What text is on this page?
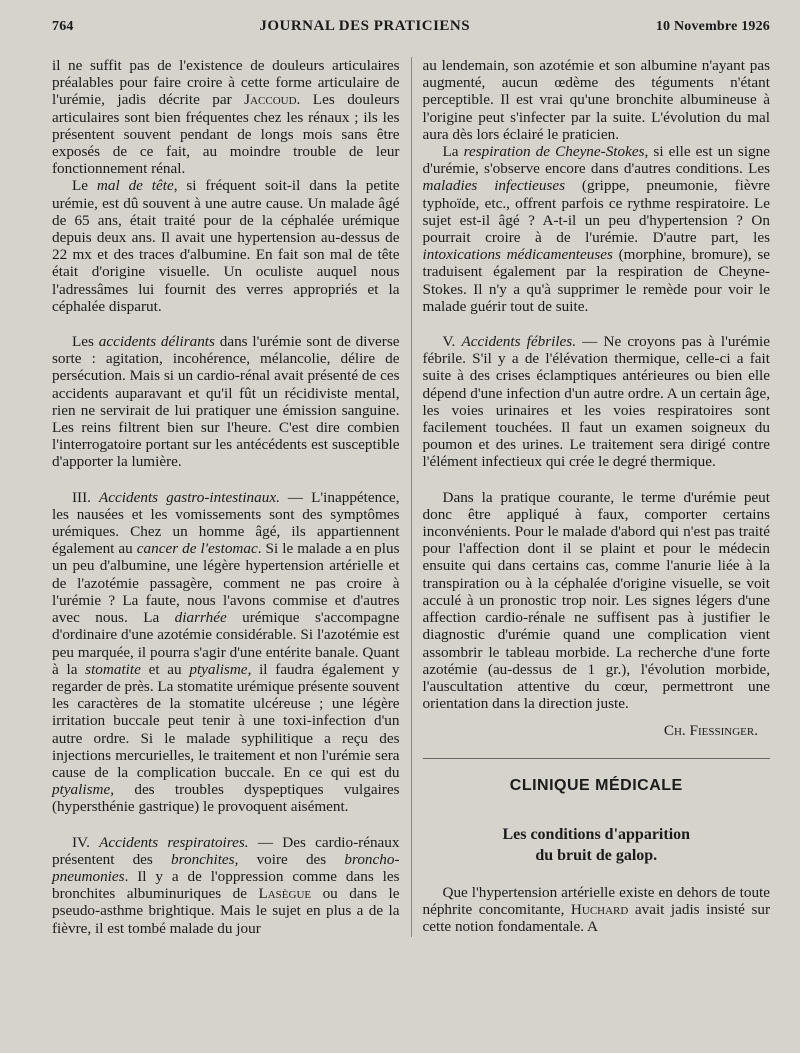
764	JOURNAL DES PRATICIENS	10 Novembre 1926

il ne suffit pas de l'existence de douleurs articulaires préalables pour faire croire à cette forme articulaire de l'urémie, jadis décrite par Jaccoud. Les douleurs articulaires sont bien fréquentes chez les rénaux ; ils les présentent souvent pendant de longs mois sans être exposés de ce fait, au moindre trouble de leur fonctionnement rénal.

Le mal de tête, si fréquent soit-il dans la petite urémie, est dû souvent à une autre cause. Un malade âgé de 65 ans, était traité pour de la céphalée urémique depuis deux ans. Il avait une hypertension au-dessus de 22 mx et des traces d'albumine. En fait son mal de tête était d'origine visuelle. Un oculiste auquel nous l'adressâmes lui fournit des verres appropriés et la céphalée disparut.

Les accidents délirants dans l'urémie sont de diverse sorte : agitation, incohérence, mélancolie, délire de persécution. Mais si un cardio-rénal avait présenté de ces accidents auparavant et qu'il fût un récidiviste mental, rien ne servirait de lui pratiquer une émission sanguine. Les reins filtrent bien sur l'heure. C'est dire combien l'interrogatoire portant sur les antécédents est susceptible d'apporter la lumière.

III. Accidents gastro-intestinaux. — L'inappétence, les nausées et les vomissements sont des symptômes urémiques. Chez un homme âgé, ils appartiennent également au cancer de l'estomac. Si le malade a en plus un peu d'albumine, une légère hypertension artérielle et de l'azotémie passagère, comment ne pas croire à l'urémie ? La faute, nous l'avons commise et d'autres avec nous. La diarrhée urémique s'accompagne d'ordinaire d'une azotémie considérable. Si l'azotémie est peu marquée, il pourra s'agir d'une entérite banale. Quant à la stomatite et au ptyalisme, il faudra également y regarder de près. La stomatite urémique présente souvent les caractères de la stomatite ulcéreuse ; une légère irritation buccale peut tenir à une toxi-infection d'un autre ordre. Si le malade syphilitique a reçu des injections mercurielles, le traitement et non l'urémie sera cause de la complication buccale. En ce qui est du ptyalisme, des troubles dyspeptiques vulgaires (hypersthénie gastrique) le provoquent aisément.

IV. Accidents respiratoires. — Des cardio-rénaux présentent des bronchites, voire des broncho-pneumonies. Il y a de l'oppression comme dans les bronchites albuminuriques de Lasègue ou dans le pseudo-asthme brightique. Mais le sujet en plus a de la fièvre, il est tombé malade du jour

au lendemain, son azotémie et son albumine n'ayant pas augmenté, aucun œdème des téguments n'étant perceptible. Il est vrai qu'une bronchite albumineuse à l'origine peut s'infecter par la suite. L'évolution du mal aura dès lors éclairé le praticien.

La respiration de Cheyne-Stokes, si elle est un signe d'urémie, s'observe encore dans d'autres conditions. Les maladies infectieuses (grippe, pneumonie, fièvre typhoïde, etc., offrent parfois ce rythme respiratoire. Le sujet est-il âgé ? A-t-il un peu d'hypertension ? On pourrait croire à de l'urémie. D'autre part, les intoxications médicamenteuses (morphine, bromure), se traduisent également par la respiration de Cheyne-Stokes. Il n'y a qu'à supprimer le remède pour voir le malade guérir tout de suite.

V. Accidents fébriles. — Ne croyons pas à l'urémie fébrile. S'il y a de l'élévation thermique, celle-ci a fait suite à des crises éclamptiques antérieures ou bien elle dépend d'une infection d'un autre ordre. A un certain âge, les voies urinaires et les voies respiratoires sont facilement touchées. Il faut un examen soigneux du poumon et des urines. Le traitement sera dirigé contre l'élément infectieux qui crée le degré thermique.

Dans la pratique courante, le terme d'urémie peut donc être appliqué à faux, comporter certains inconvénients. Pour le malade d'abord qui n'est pas traité pour l'affection dont il se plaint et pour le médecin ensuite qui dans certains cas, comme l'anurie liée à la transpiration ou à la céphalée d'origine visuelle, se voit acculé à un pronostic trop noir. Les signes légers d'une affection cardio-rénale ne suffisent pas à justifier le diagnostic d'urémie quand une complication vient assombrir le tableau morbide. La recherche d'une forte azotémie (au-dessus de 1 gr.), l'évolution morbide, l'auscultation attentive du cœur, permettront une orientation dans la direction juste.

Ch. Fiessinger.
CLINIQUE MÉDICALE
Les conditions d'apparition
du bruit de galop.

Que l'hypertension artérielle existe en dehors de toute néphrite concomitante, Huchard avait jadis insisté sur cette notion fondamentale. A
